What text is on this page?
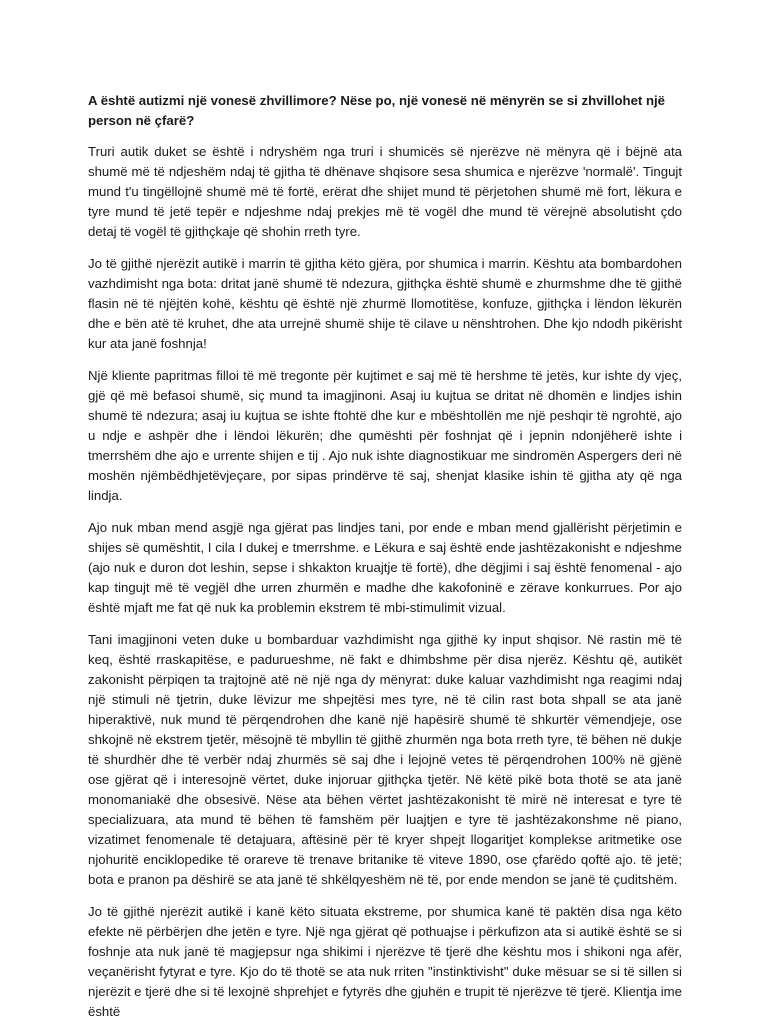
A është autizmi një vonesë zhvillimore? Nëse po, një vonesë në mënyrën se si zhvillohet një person në çfarë?

Truri autik duket se është i ndryshëm nga truri i shumicës së njerëzve në mënyra që i bëjnë ata shumë më të ndjeshëm ndaj të gjitha të dhënave shqisore sesa shumica e njerëzve 'normalë'. Tingujt mund t'u tingëllojnë shumë më të fortë, erërat dhe shijet mund të përjetohen shumë më fort, lëkura e tyre mund të jetë tepër e ndjeshme ndaj prekjes më të vogël dhe mund të vërejnë absolutisht çdo detaj të vogël të gjithçkaje që shohin rreth tyre.

Jo të gjithë njerëzit autikë i marrin të gjitha këto gjëra, por shumica i marrin. Kështu ata bombardohen vazhdimisht nga bota: dritat janë shumë të ndezura, gjithçka është shumë e zhurmshme dhe të gjithë flasin në të njëjtën kohë, kështu që është një zhurmë llomotitëse, konfuze, gjithçka i lëndon lëkurën dhe e bën atë të kruhet, dhe ata urrejnë shumë shije të cilave u nënshtrohen. Dhe kjo ndodh pikërisht kur ata janë foshnja!

Një kliente papritmas filloi të më tregonte për kujtimet e saj më të hershme të jetës, kur ishte dy vjeç, gjë që më befasoi shumë, siç mund ta imagjinoni. Asaj iu kujtua se dritat në dhomën e lindjes ishin shumë të ndezura; asaj iu kujtua se ishte ftohtë dhe kur e mbështollën me një peshqir të ngrohtë, ajo u ndje e ashpër dhe i lëndoi lëkurën; dhe qumështi për foshnjat që i jepnin ndonjëherë ishte i tmerrshëm dhe ajo e urrente shijen e tij . Ajo nuk ishte diagnostikuar me sindromën Aspergers deri në moshën njëmbëdhjetëvjeçare, por sipas prindërve të saj, shenjat klasike ishin të gjitha aty që nga lindja.

Ajo nuk mban mend asgjë nga gjërat pas lindjes tani, por ende e mban mend gjallërisht përjetimin e shijes së qumështit, I cila I dukej e tmerrshme. e Lëkura e saj është ende jashtëzakonisht e ndjeshme (ajo nuk e duron dot leshin, sepse i shkakton kruajtje të fortë), dhe dëgjimi i saj është fenomenal - ajo kap tingujt më të vegjël dhe urren zhurmën e madhe dhe kakofoninë e zërave konkurrues. Por ajo është mjaft me fat që nuk ka problemin ekstrem të mbi-stimulimit vizual.

Tani imagjinoni veten duke u bombarduar vazhdimisht nga gjithë ky input shqisor. Në rastin më të keq, është rraskapitëse, e padurueshme, në fakt e dhimbshme për disa njerëz. Kështu që, autikët zakonisht përpiqen ta trajtojnë atë në një nga dy mënyrat: duke kaluar vazhdimisht nga reagimi ndaj një stimuli në tjetrin, duke lëvizur me shpejtësi mes tyre, në të cilin rast bota shpall se ata janë hiperaktivë, nuk mund të përqendrohen dhe kanë një hapësirë shumë të shkurtër vëmendjeje, ose shkojnë në ekstrem tjetër, mësojnë të mbyllin të gjithë zhurmën nga bota rreth tyre, të bëhen në dukje të shurdhër dhe të verbër ndaj zhurmës së saj dhe i lejojnë vetes të përqendrohen 100% në gjënë ose gjërat që i interesojnë vërtet, duke injoruar gjithçka tjetër. Në këtë pikë bota thotë se ata janë monomaniakë dhe obsesivë. Nëse ata bëhen vërtet jashtëzakonisht të mirë në interesat e tyre të specializuara, ata mund të bëhen të famshëm për luajtjen e tyre të jashtëzakonshme në piano, vizatimet fenomenale të detajuara, aftësinë për të kryer shpejt llogaritjet komplekse aritmetike ose njohuritë enciklopedike të orareve të trenave britanike të viteve 1890, ose çfarëdo qoftë ajo. të jetë; bota e pranon pa dëshirë se ata janë të shkëlqyeshëm në të, por ende mendon se janë të çuditshëm.

Jo të gjithë njerëzit autikë i kanë këto situata ekstreme, por shumica kanë të paktën disa nga këto efekte në përbërjen dhe jetën e tyre. Një nga gjërat që pothuajse i përkufizon ata si autikë është se si foshnje ata nuk janë të magjepsur nga shikimi i njerëzve të tjerë dhe kështu mos i shikoni nga afër, veçanërisht fytyrat e tyre. Kjo do të thotë se ata nuk rriten "instinktivisht" duke mësuar se si të sillen si njerëzit e tjerë dhe si të lexojnë shprehjet e fytyrës dhe gjuhën e trupit të njerëzve të tjerë. Klientja ime është
